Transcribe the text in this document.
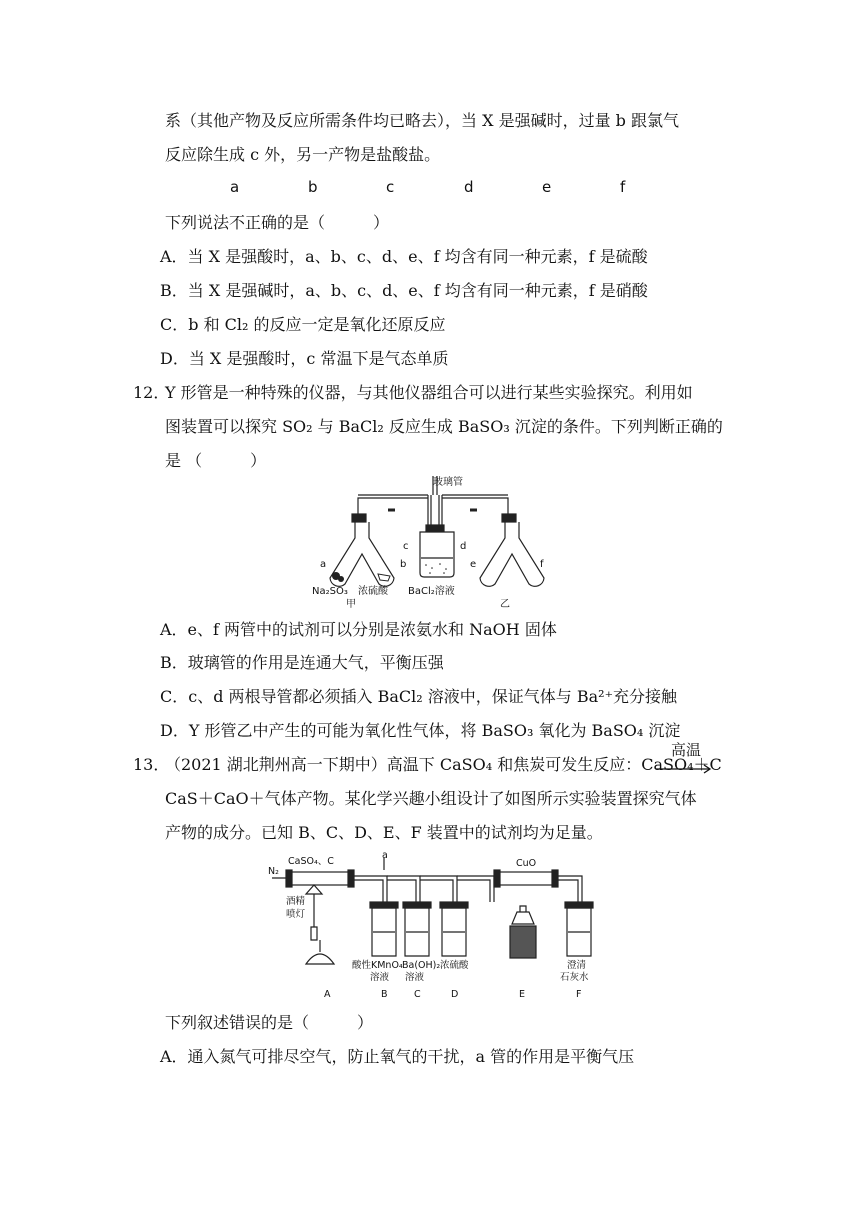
系（其他产物及反应所需条件均已略去），当 X 是强碱时，过量 b 跟氯气
反应除生成 c 外，另一产物是盐酸盐。
a	b	c	d	e	f
下列说法不正确的是（　　　）
A．当 X 是强酸时，a、b、c、d、e、f 均含有同一种元素，f 是硫酸
B．当 X 是强碱时，a、b、c、d、e、f 均含有同一种元素，f 是硝酸
C．b 和 Cl₂ 的反应一定是氧化还原反应
D．当 X 是强酸时，c 常温下是气态单质
12．
Y 形管是一种特殊的仪器，与其他仪器组合可以进行某些实验探究。利用如
图装置可以探究 SO₂ 与 BaCl₂ 反应生成 BaSO₃ 沉淀的条件。下列判断正确的
是 （　　　）
玻璃管
a	b
c	d
e	f
Na₂SO₃ 浓硫酸 BaCl₂溶液
甲	乙
A．e、f 两管中的试剂可以分别是浓氨水和 NaOH 固体
B．玻璃管的作用是连通大气，平衡压强
C．c、d 两根导管都必须插入 BaCl₂ 溶液中，保证气体与 Ba²⁺充分接触
D．Y 形管乙中产生的可能为氧化性气体，将 BaSO₃ 氧化为 BaSO₄ 沉淀
13．
（2021 湖北荆州高一下期中）高温下 CaSO₄ 和焦炭可发生反应：CaSO₄＋C
高温
CaS＋CaO＋气体产物。某化学兴趣小组设计了如图所示实验装置探究气体
产物的成分。已知 B、C、D、E、F 装置中的试剂均为足量。
N₂
CaSO₄、C
a
CuO
酒精
喷灯
酸性KMnO₄
溶液
Ba(OH)₂
溶液
浓硫酸	澄清
石灰水
A	B	C	D	E	F
下列叙述错误的是（　　　）
A．通入氮气可排尽空气，防止氧气的干扰，a 管的作用是平衡气压
